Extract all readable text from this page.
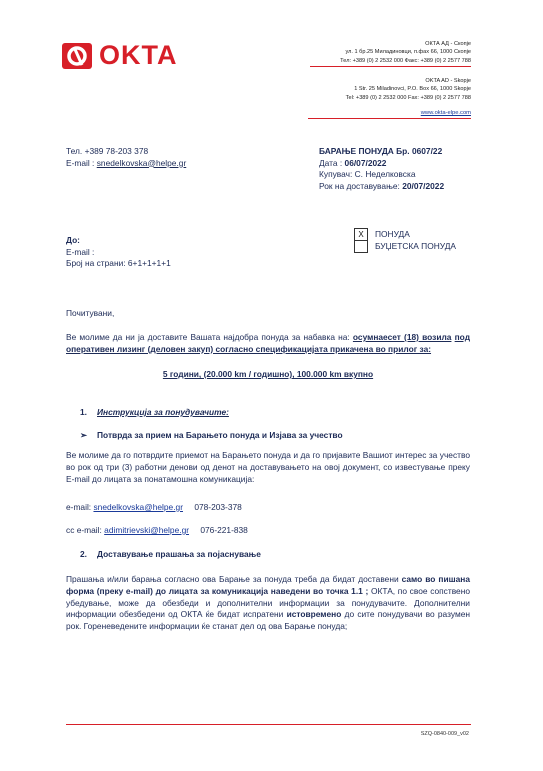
OKTA	ОКТА АД - Скопје
ул. 1 бр.25 Миладиновци, п.фах 66, 1000 Скопје
Тел: +389 (0) 2 2532 000 Факс: +389 (0) 2 2577 788
OKTA AD - Skopje
1 Str. 25 Miladinovci, P.O. Box 66, 1000 Skopje
Tel: +389 (0) 2 2532 000 Fax: +389 (0) 2 2577 788
www.okta-elpe.com
Тел. +389 78-203 378
E-mail : snedelkovska@helpe.gr
БАРАЊЕ ПОНУДА Бр. 0607/22
Дата : 06/07/2022
Купувач: С. Неделковска
Рок на доставување: 20/07/2022
До:
E-mail :
Број на страни: 6+1+1+1+1
X	ПОНУДА
БУЏЕТСКА ПОНУДА
Почитувани,
Ве молиме да ни ја доставите Вашата најдобра понуда за набавка на: осумнаесет (18) возила под оперативен лизинг (деловен закуп) согласно спецификацијата прикачена во прилог за:
5 години, (20.000 km / годишно), 100.000 km вкупно
1. Инструкција за понудувачите:
➢ Потврда за прием на Барањето понуда и Изјава за учество
Ве молиме да го потврдите приемот на Барањето понуда и да го пријавите Вашиот интерес за учество во рок од три (3) работни денови од денот на доставувањето на овој документ, со известување преку E-mail до лицата за понатамошна комуникација:
e-mail: snedelkovska@helpe.gr 078-203-378
cc e-mail: adimitrievski@helpe.gr 076-221-838
2. Доставување прашања за појаснување
Прашања и/или барања согласно ова Барање за понуда треба да бидат доставени само во пишана форма (преку e-mail) до лицата за комуникација наведени во точка 1.1 ; ОКТА, по свое сопствено убедување, може да обезбеди и дополнителни информации за понудувачите. Дополнителни информации обезбедени од ОКТА ќе бидат испратени истовремено до сите понудувачи во разумен рок. Гореневедените информации ќе станат дел од ова Барање понуда;
SZQ-0840-009_v02
